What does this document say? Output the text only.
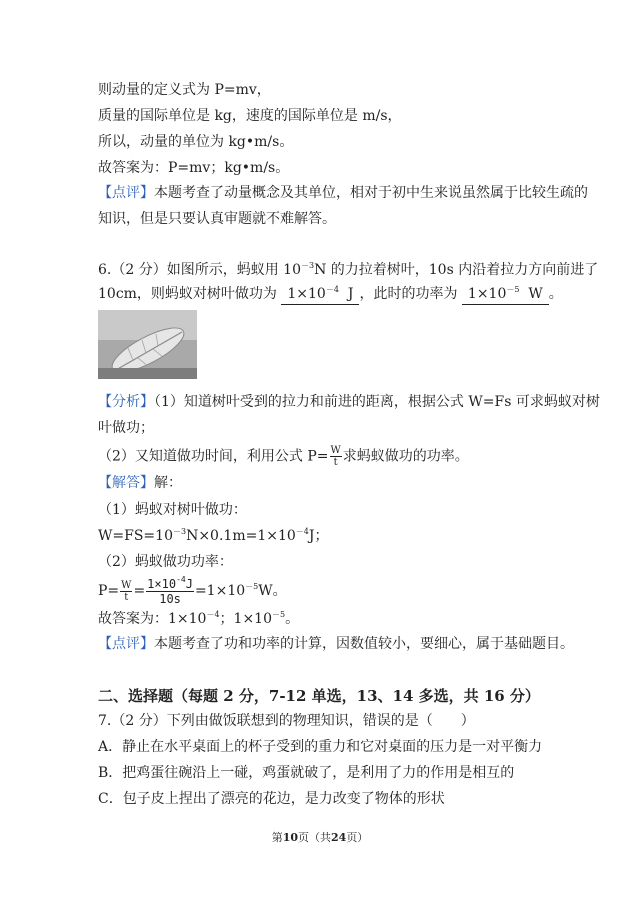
则动量的定义式为 P=mv，
质量的国际单位是 kg，速度的国际单位是 m/s，
所以，动量的单位为 kg•m/s。
故答案为：P=mv；kg•m/s。
【点评】本题考查了动量概念及其单位，相对于初中生来说虽然属于比较生疏的
知识，但是只要认真审题就不难解答。
6.（2 分）如图所示，蚂蚁用 $10^{-3}N$ 的力拉着树叶，10s 内沿着拉力方向前进了
10cm，则蚂蚁对树叶做功为 $1\times 10^{-4}$ J ，此时的功率为 $1\times 10^{-5}$ W 。
【分析】（1）知道树叶受到的拉力和前进的距离，根据公式 W=Fs 可求蚂蚁对树
叶做功；
（2）又知道做功时间，利用公式 $P= \frac{W}{t}$ 求蚂蚁做功的功率。
【解答】解：
（1）蚂蚁对树叶做功：
$W=FS=10^{-3}N\times 0.1m=1\times 10^{-4}J$；
（2）蚂蚁做功功率：
$P= \frac{W}{t} = \frac{1\times 10^{-4}J}{10s} =1\times 10^{-5}W$。
故答案为：$1\times 10^{-4}$；$1\times 10^{-5}$。
【点评】本题考查了功和功率的计算，因数值较小，要细心，属于基础题目。
二、选择题（每题 2 分，7-12 单选，13、14 多选，共 16 分）
7.（2 分）下列由做饭联想到的物理知识，错误的是（　　）
A．静止在水平桌面上的杯子受到的重力和它对桌面的压力是一对平衡力
B．把鸡蛋往碗沿上一碰，鸡蛋就破了，是利用了力的作用是相互的
C．包子皮上捏出了漂亮的花边，是力改变了物体的形状
第10页（共24页）
